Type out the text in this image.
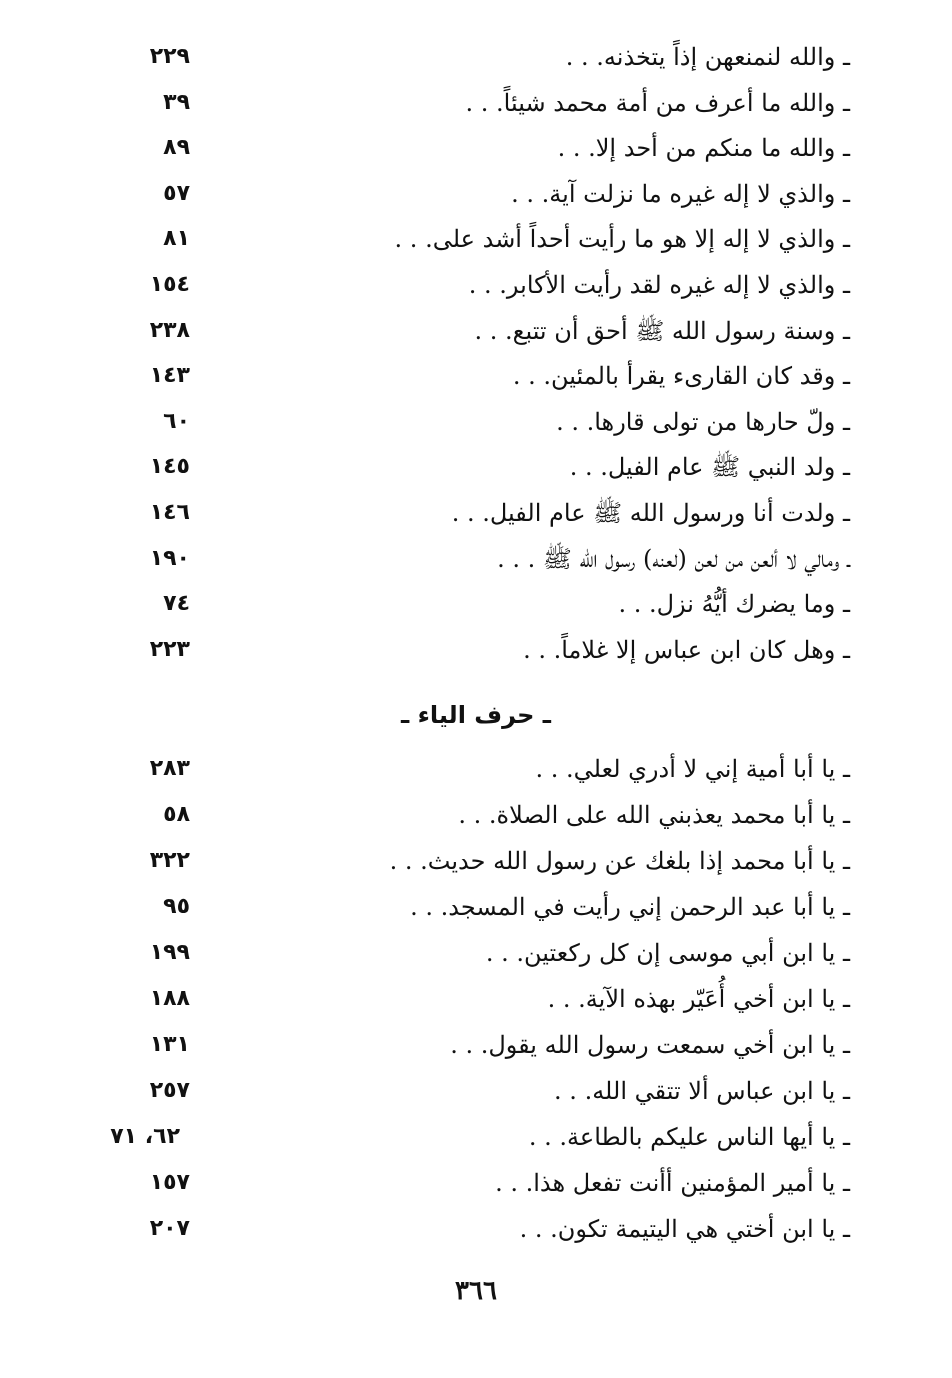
ـ والله لنمنعهن إذاً يتخذنه. . .
٢٢٩
ـ والله ما أعرف من أمة محمد شيئاً. . .
٣٩
ـ والله ما منكم من أحد إلا. . .
٨٩
ـ والذي لا إله غيره ما نزلت آية. . .
٥٧
ـ والذي لا إله إلا هو ما رأيت أحداً أشد على. . .
٨١
ـ والذي لا إله غيره لقد رأيت الأكابر. . .
١٥٤
ـ وسنة رسول الله ﷺ أحق أن تتبع. . .
٢٣٨
ـ وقد كان القارىء يقرأ بالمئين. . .
١٤٣
ـ ولّ حارها من تولى قارها. . .
٦٠
ـ ولد النبي ﷺ عام الفيل. . .
١٤٥
ـ ولدت أنا ورسول الله ﷺ عام الفيل. . .
١٤٦
ـ ومالي لا ألعن من لعن (لعنه) رسول الله ﷺ . . .
١٩٠
ـ وما يضرك أيُّهُ نزل. . .
٧٤
ـ وهل كان ابن عباس إلا غلاماً. . .
٢٢٣
ـ حرف الياء ـ
ـ يا أبا أمية إني لا أدري لعلي. . .
٢٨٣
ـ يا أبا محمد يعذبني الله على الصلاة. . .
٥٨
ـ يا أبا محمد إذا بلغك عن رسول الله حديث. . .
٣٢٢
ـ يا أبا عبد الرحمن إني رأيت في المسجد. . .
٩٥
ـ يا ابن أبي موسى إن كل ركعتين. . .
١٩٩
ـ يا ابن أخي أُعَيّر بهذه الآية. . .
١٨٨
ـ يا ابن أخي سمعت رسول الله يقول. . .
١٣١
ـ يا ابن عباس ألا تتقي الله. . .
٢٥٧
ـ يا أيها الناس عليكم بالطاعة. . .
٦٢، ٧١
ـ يا أمير المؤمنين أأنت تفعل هذا. . .
١٥٧
ـ يا ابن أختي هي اليتيمة تكون. . .
٢٠٧
٣٦٦
